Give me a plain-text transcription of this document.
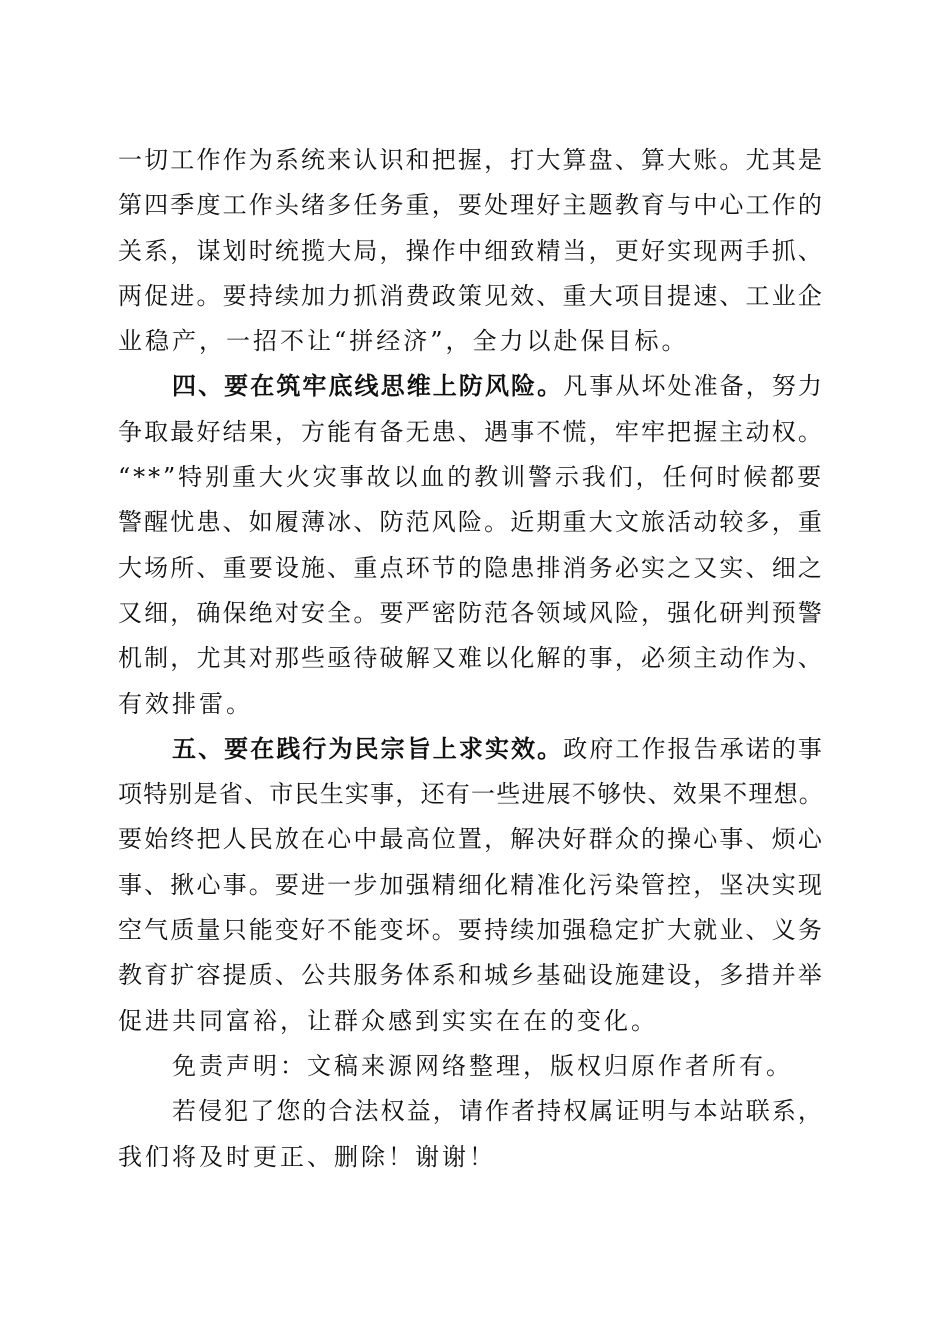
一切工作作为系统来认识和把握，打大算盘、算大账。尤其是
第四季度工作头绪多任务重，要处理好主题教育与中心工作的
关系，谋划时统揽大局，操作中细致精当，更好实现两手抓、
两促进。要持续加力抓消费政策见效、重大项目提速、工业企
业稳产，一招不让“拼经济”，全力以赴保目标。
四、要在筑牢底线思维上防风险。凡事从坏处准备，努力
争取最好结果，方能有备无患、遇事不慌，牢牢把握主动权。
“**”特别重大火灾事故以血的教训警示我们，任何时候都要
警醒忧患、如履薄冰、防范风险。近期重大文旅活动较多，重
大场所、重要设施、重点环节的隐患排消务必实之又实、细之
又细，确保绝对安全。要严密防范各领域风险，强化研判预警
机制，尤其对那些亟待破解又难以化解的事，必须主动作为、
有效排雷。
五、要在践行为民宗旨上求实效。政府工作报告承诺的事
项特别是省、市民生实事，还有一些进展不够快、效果不理想。
要始终把人民放在心中最高位置，解决好群众的操心事、烦心
事、揪心事。要进一步加强精细化精准化污染管控，坚决实现
空气质量只能变好不能变坏。要持续加强稳定扩大就业、义务
教育扩容提质、公共服务体系和城乡基础设施建设，多措并举
促进共同富裕，让群众感到实实在在的变化。
免责声明：文稿来源网络整理，版权归原作者所有。
若侵犯了您的合法权益，请作者持权属证明与本站联系，
我们将及时更正、删除！谢谢！
